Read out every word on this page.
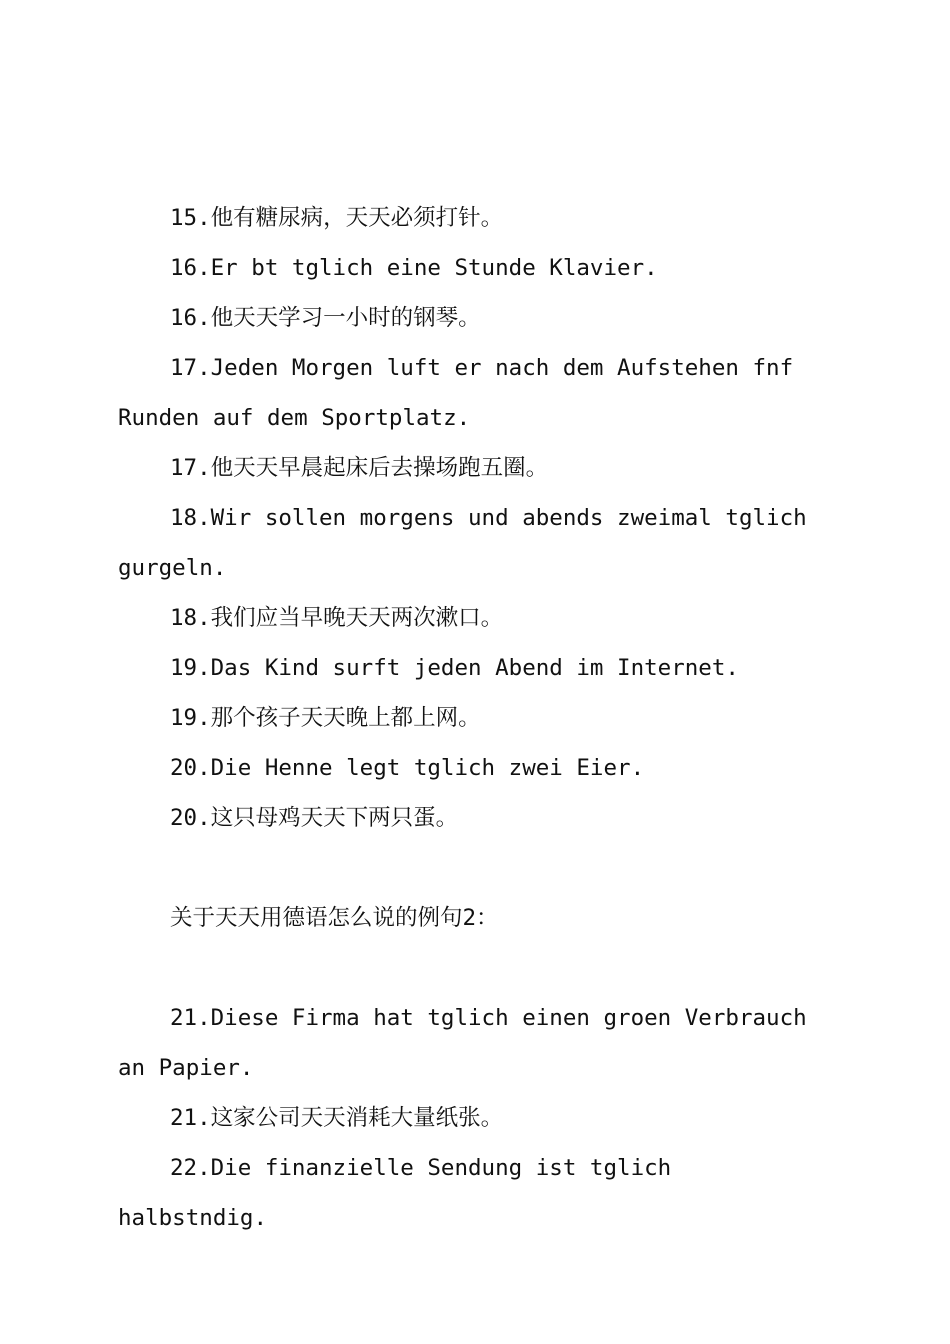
15.他有糖尿病，天天必须打针。

16.Er bt tglich eine Stunde Klavier.

16.他天天学习一小时的钢琴。

17.Jeden Morgen luft er nach dem Aufstehen fnf Runden auf dem Sportplatz.

17.他天天早晨起床后去操场跑五圈。

18.Wir sollen morgens und abends zweimal tglich gurgeln.

18.我们应当早晚天天两次漱口。

19.Das Kind surft jeden Abend im Internet.

19.那个孩子天天晚上都上网。

20.Die Henne legt tglich zwei Eier.

20.这只母鸡天天下两只蛋。

关于天天用德语怎么说的例句2：

21.Diese Firma hat tglich einen groen Verbrauch an Papier.

21.这家公司天天消耗大量纸张。

22.Die finanzielle Sendung ist tglich halbstndig.
